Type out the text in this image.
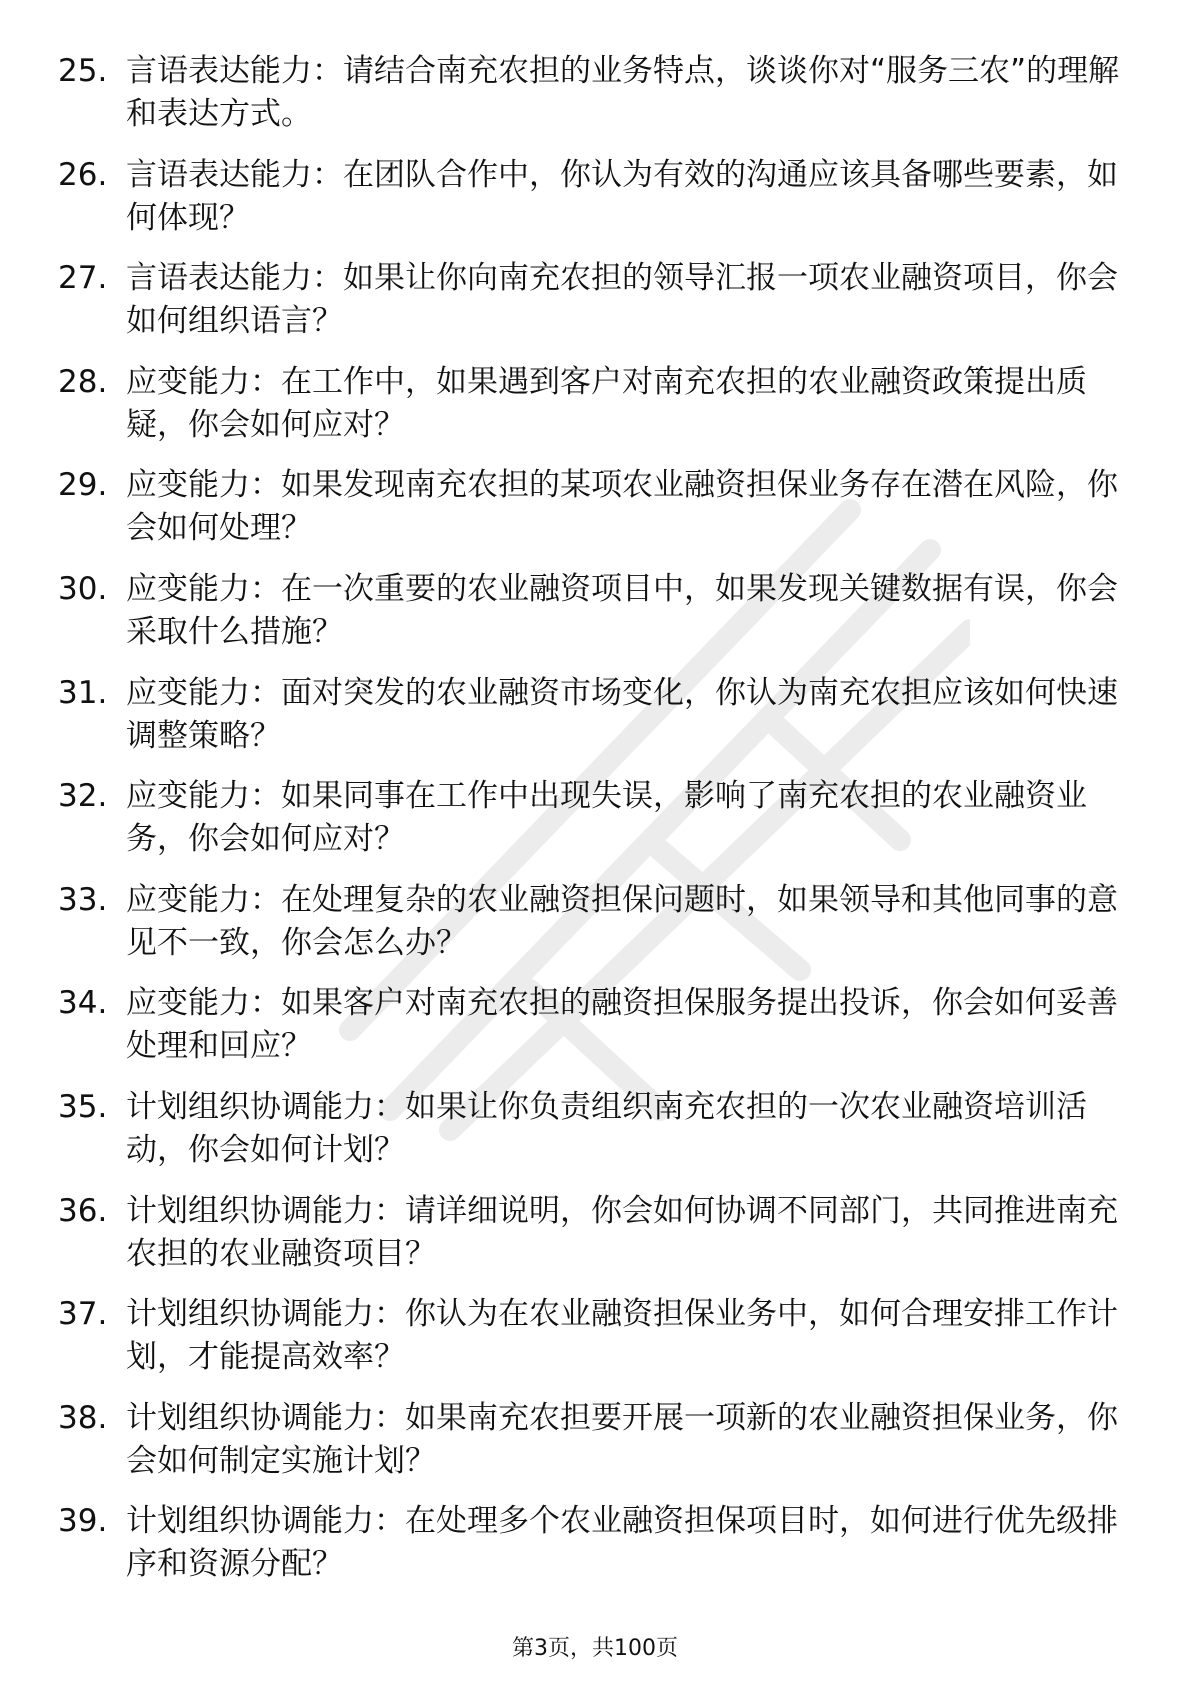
25. 言语表达能力：请结合南充农担的业务特点，谈谈你对“服务三农”的理解和表达方式。
26. 言语表达能力：在团队合作中，你认为有效的沟通应该具备哪些要素，如何体现？
27. 言语表达能力：如果让你向南充农担的领导汇报一项农业融资项目，你会如何组织语言？
28. 应变能力：在工作中，如果遇到客户对南充农担的农业融资政策提出质疑，你会如何应对？
29. 应变能力：如果发现南充农担的某项农业融资担保业务存在潜在风险，你会如何处理？
30. 应变能力：在一次重要的农业融资项目中，如果发现关键数据有误，你会采取什么措施？
31. 应变能力：面对突发的农业融资市场变化，你认为南充农担应该如何快速调整策略？
32. 应变能力：如果同事在工作中出现失误，影响了南充农担的农业融资业务，你会如何应对？
33. 应变能力：在处理复杂的农业融资担保问题时，如果领导和其他同事的意见不一致，你会怎么办？
34. 应变能力：如果客户对南充农担的融资担保服务提出投诉，你会如何妥善处理和回应？
35. 计划组织协调能力：如果让你负责组织南充农担的一次农业融资培训活动，你会如何计划？
36. 计划组织协调能力：请详细说明，你会如何协调不同部门，共同推进南充农担的农业融资项目？
37. 计划组织协调能力：你认为在农业融资担保业务中，如何合理安排工作计划，才能提高效率？
38. 计划组织协调能力：如果南充农担要开展一项新的农业融资担保业务，你会如何制定实施计划？
39. 计划组织协调能力：在处理多个农业融资担保项目时，如何进行优先级排序和资源分配？
第3页，共100页
